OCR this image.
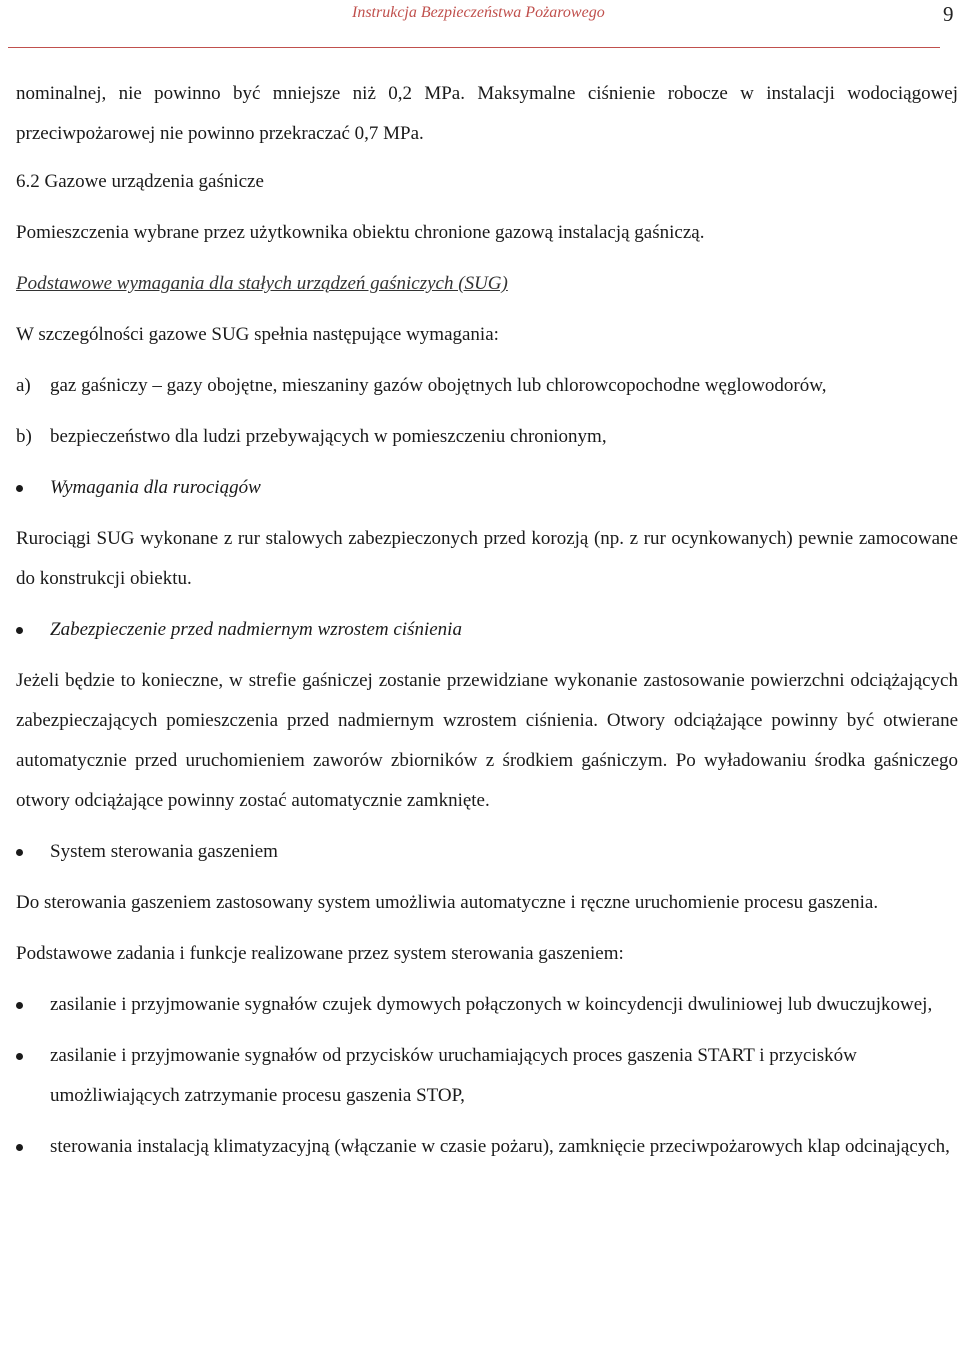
Instrukcja Bezpieczeństwa Pożarowego	9

nominalnej, nie powinno być mniejsze niż 0,2 MPa. Maksymalne ciśnienie robocze w instalacji wodociągowej przeciwpożarowej nie powinno przekraczać 0,7 MPa.

6.2 Gazowe urządzenia gaśnicze

Pomieszczenia wybrane przez użytkownika obiektu chronione gazową instalacją gaśniczą.

Podstawowe wymagania dla stałych urządzeń gaśniczych (SUG)

W szczególności gazowe SUG spełnia następujące wymagania:

a) gaz gaśniczy – gazy obojętne, mieszaniny gazów obojętnych lub chlorowcopochodne węglowodorów,
b) bezpieczeństwo dla ludzi przebywających w pomieszczeniu chronionym,
Wymagania dla rurociągów

Rurociągi SUG wykonane z rur stalowych zabezpieczonych przed korozją (np. z rur ocynkowanych) pewnie zamocowane do konstrukcji obiektu.

Zabezpieczenie przed nadmiernym wzrostem ciśnienia

Jeżeli będzie to konieczne, w strefie gaśniczej zostanie przewidziane wykonanie zastosowanie powierzchni odciążających zabezpieczających pomieszczenia przed nadmiernym wzrostem ciśnienia. Otwory odciążające powinny być otwierane automatycznie przed uruchomieniem zaworów zbiorników z środkiem gaśniczym. Po wyładowaniu środka gaśniczego otwory odciążające powinny zostać automatycznie zamknięte.

System sterowania gaszeniem

Do sterowania gaszeniem zastosowany system umożliwia automatyczne i ręczne uruchomienie procesu gaszenia.

Podstawowe zadania i funkcje realizowane przez system sterowania gaszeniem:

zasilanie i przyjmowanie sygnałów czujek dymowych połączonych w koincydencji dwuliniowej lub dwuczujkowej,
zasilanie i przyjmowanie sygnałów od przycisków uruchamiających proces gaszenia START i przycisków umożliwiających zatrzymanie procesu gaszenia STOP,
sterowania instalacją klimatyzacyjną (włączanie w czasie pożaru), zamknięcie przeciwpożarowych klap odcinających,
